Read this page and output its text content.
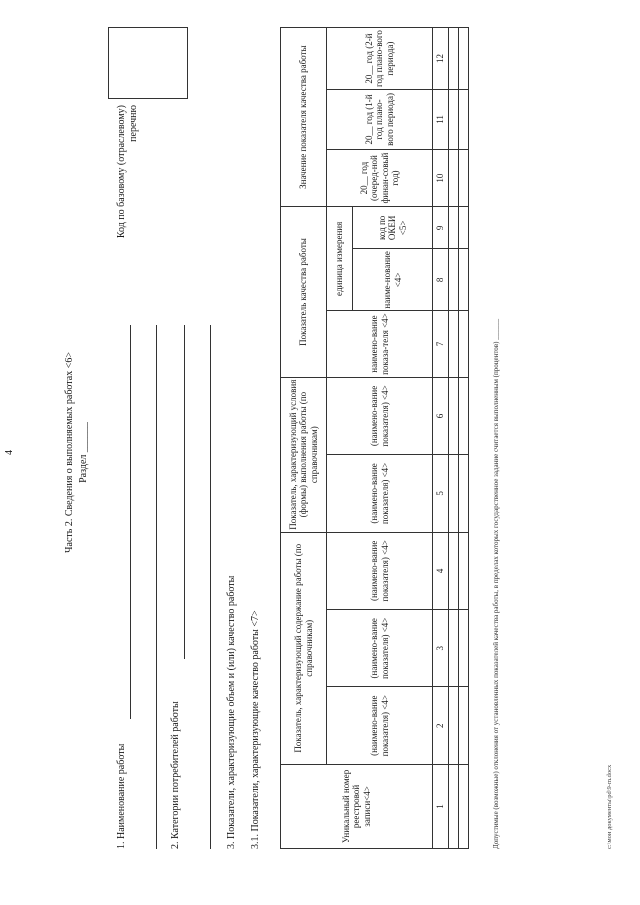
4	Часть 2. Сведения о выполняемых работах <6> Раздел ______
1. Наименование работы	2. Категории потребителей работы
Код по базовому (отраслевому) перечню
3. Показатели, характеризующие объем и (или) качество работы 3.1. Показатели, характеризующие качество работы <7>	Уникальный номер реестровой записи<4>	Показатель, характеризующий содержание работы (по справочникам)			Показатель, характеризующий условия (формы) выполнения работы (по справочникам)		Показатель качества работы			Значение показателя качества работы		
	(наимено-вание показателя) <4>	(наимено-вание показателя) <4>	(наимено-вание показателя) <4>	(наимено-вание показателя) <4>	(наимено-вание показателя) <4>	наимено-вание показа-теля <4>	единица измерения		20__ год (очеред-ной финан-совый год)	20__ год (1-й год плано-вого периода)	20__ год (2-й год плано-вого периода)
							наиме-нование <4>	код по ОКЕИ <5>			
1	2	3	4	5	6	7	8	9	10	11	12

Допустимые (возможные) отклонения от установленных показателей качества работы, в пределах которых государственное задание считается выполненным (процентов) ______	c:\мои документы\pd\9-m.docx
